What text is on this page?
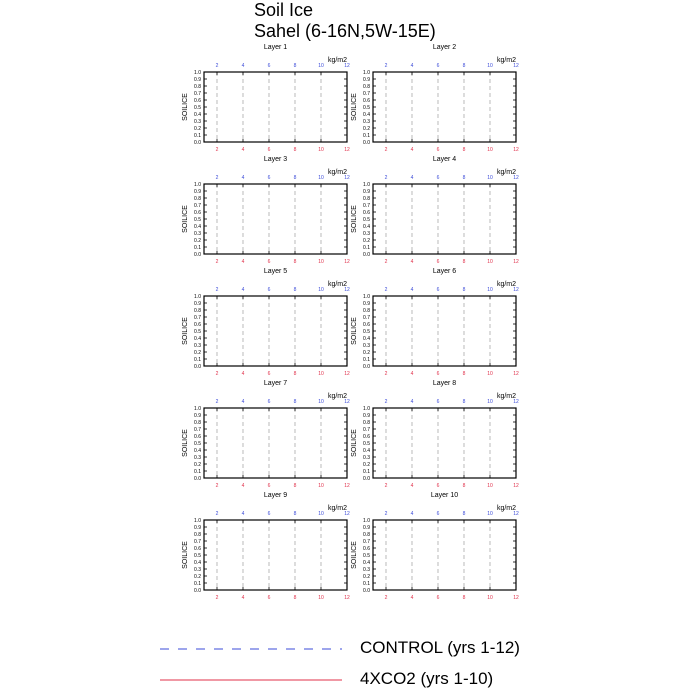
Soil Ice
Sahel (6-16N,5W-15E)
Layer 1
kg/m2
0.0
0.1
0.2
0.3
0.4
0.5
0.6
0.7
0.8
0.9
1.0
2
2
4
4
6
6
8
8
10
10
12
12
SOILICE
Layer 2
kg/m2
0.0
0.1
0.2
0.3
0.4
0.5
0.6
0.7
0.8
0.9
1.0
2
2
4
4
6
6
8
8
10
10
12
12
SOILICE
Layer 3
kg/m2
0.0
0.1
0.2
0.3
0.4
0.5
0.6
0.7
0.8
0.9
1.0
2
2
4
4
6
6
8
8
10
10
12
12
SOILICE
Layer 4
kg/m2
0.0
0.1
0.2
0.3
0.4
0.5
0.6
0.7
0.8
0.9
1.0
2
2
4
4
6
6
8
8
10
10
12
12
SOILICE
Layer 5
kg/m2
0.0
0.1
0.2
0.3
0.4
0.5
0.6
0.7
0.8
0.9
1.0
2
2
4
4
6
6
8
8
10
10
12
12
SOILICE
Layer 6
kg/m2
0.0
0.1
0.2
0.3
0.4
0.5
0.6
0.7
0.8
0.9
1.0
2
2
4
4
6
6
8
8
10
10
12
12
SOILICE
Layer 7
kg/m2
0.0
0.1
0.2
0.3
0.4
0.5
0.6
0.7
0.8
0.9
1.0
2
2
4
4
6
6
8
8
10
10
12
12
SOILICE
Layer 8
kg/m2
0.0
0.1
0.2
0.3
0.4
0.5
0.6
0.7
0.8
0.9
1.0
2
2
4
4
6
6
8
8
10
10
12
12
SOILICE
Layer 9
kg/m2
0.0
0.1
0.2
0.3
0.4
0.5
0.6
0.7
0.8
0.9
1.0
2
2
4
4
6
6
8
8
10
10
12
12
SOILICE
Layer 10
kg/m2
0.0
0.1
0.2
0.3
0.4
0.5
0.6
0.7
0.8
0.9
1.0
2
2
4
4
6
6
8
8
10
10
12
12
SOILICE
CONTROL (yrs 1-12)
4XCO2 (yrs 1-10)
